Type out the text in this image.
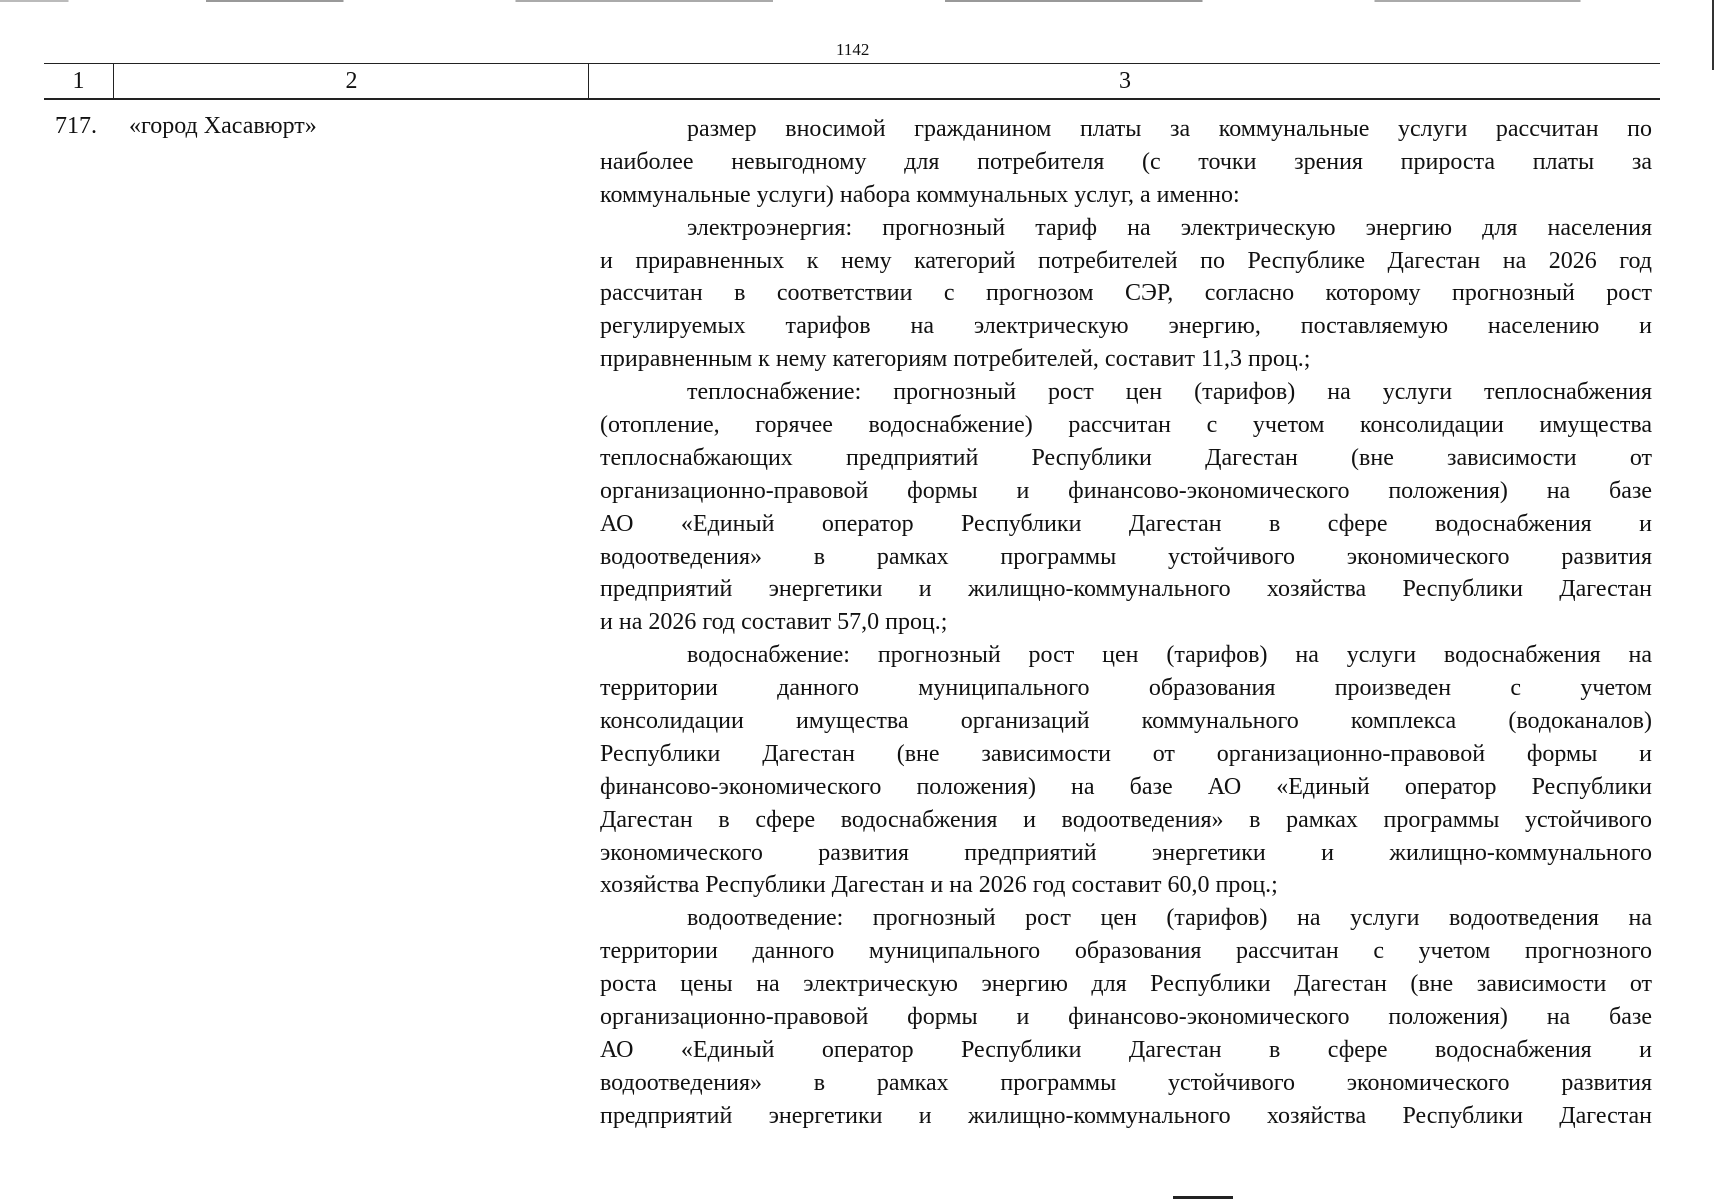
1142
1	2	3
717. «город Хасавюрт»	размер вносимой гражданином платы за коммунальные услуги рассчитан по
наиболее невыгодному для потребителя (с точки зрения прироста платы за
коммунальные услуги) набора коммунальных услуг, а именно:
электроэнергия: прогнозный тариф на электрическую энергию для населения
и приравненных к нему категорий потребителей по Республике Дагестан на 2026 год
рассчитан в соответствии с прогнозом СЭР, согласно которому прогнозный рост
регулируемых тарифов на электрическую энергию, поставляемую населению и
приравненным к нему категориям потребителей, составит 11,3 проц.;
теплоснабжение: прогнозный рост цен (тарифов) на услуги теплоснабжения
(отопление, горячее водоснабжение) рассчитан с учетом консолидации имущества
теплоснабжающих предприятий Республики Дагестан (вне зависимости от
организационно-правовой формы и финансово-экономического положения) на базе
АО «Единый оператор Республики Дагестан в сфере водоснабжения и
водоотведения» в рамках программы устойчивого экономического развития
предприятий энергетики и жилищно-коммунального хозяйства Республики Дагестан
и на 2026 год составит 57,0 проц.;
водоснабжение: прогнозный рост цен (тарифов) на услуги водоснабжения на
территории данного муниципального образования произведен с учетом
консолидации имущества организаций коммунального комплекса (водоканалов)
Республики Дагестан (вне зависимости от организационно-правовой формы и
финансово-экономического положения) на базе АО «Единый оператор Республики
Дагестан в сфере водоснабжения и водоотведения» в рамках программы устойчивого
экономического развития предприятий энергетики и жилищно-коммунального
хозяйства Республики Дагестан и на 2026 год составит 60,0 проц.;
водоотведение: прогнозный рост цен (тарифов) на услуги водоотведения на
территории данного муниципального образования рассчитан с учетом прогнозного
роста цены на электрическую энергию для Республики Дагестан (вне зависимости от
организационно-правовой формы и финансово-экономического положения) на базе
АО «Единый оператор Республики Дагестан в сфере водоснабжения и
водоотведения» в рамках программы устойчивого экономического развития
предприятий энергетики и жилищно-коммунального хозяйства Республики Дагестан
